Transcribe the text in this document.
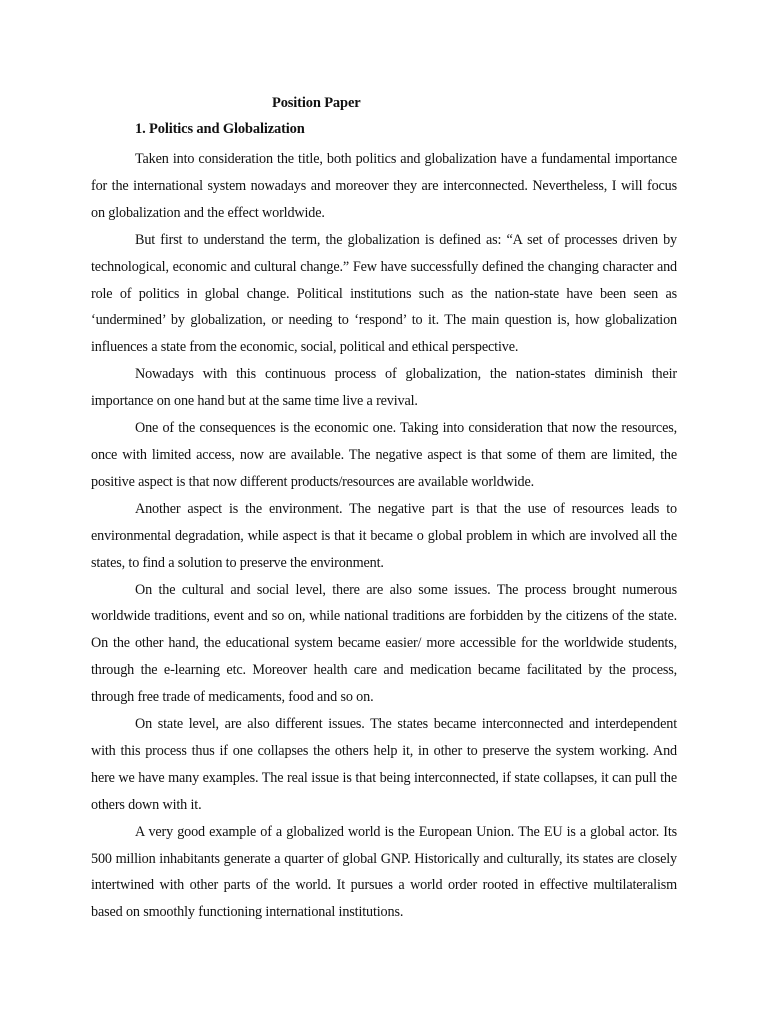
Position Paper
1. Politics and Globalization

Taken into consideration the title, both politics and globalization have a fundamental importance for the international system nowadays and moreover they are interconnected. Nevertheless, I will focus on globalization and the effect worldwide.

But first to understand the term, the globalization is defined as: “A set of processes driven by technological, economic and cultural change.” Few have successfully defined the changing character and role of politics in global change. Political institutions such as the nation-state have been seen as ‘undermined’ by globalization, or needing to ‘respond’ to it. The main question is, how globalization influences a state from the economic, social, political and ethical perspective.

Nowadays with this continuous process of globalization, the nation-states diminish their importance on one hand but at the same time live a revival.

One of the consequences is the economic one. Taking into consideration that now the resources, once with limited access, now are available. The negative aspect is that some of them are limited, the positive aspect is that now different products/resources are available worldwide.

Another aspect is the environment. The negative part is that the use of resources leads to environmental degradation, while aspect is that it became o global problem in which are involved all the states, to find a solution to preserve the environment.

On the cultural and social level, there are also some issues. The process brought numerous worldwide traditions, event and so on, while national traditions are forbidden by the citizens of the state. On the other hand, the educational system became easier/ more accessible for the worldwide students, through the e-learning etc. Moreover health care and medication became facilitated by the process, through free trade of medicaments, food and so on.

On state level, are also different issues. The states became interconnected and interdependent with this process thus if one collapses the others help it, in other to preserve the system working. And here we have many examples. The real issue is that being interconnected, if state collapses, it can pull the others down with it.

A very good example of a globalized world is the European Union. The EU is a global actor. Its 500 million inhabitants generate a quarter of global GNP. Historically and culturally, its states are closely intertwined with other parts of the world. It pursues a world order rooted in effective multilateralism based on smoothly functioning international institutions.
